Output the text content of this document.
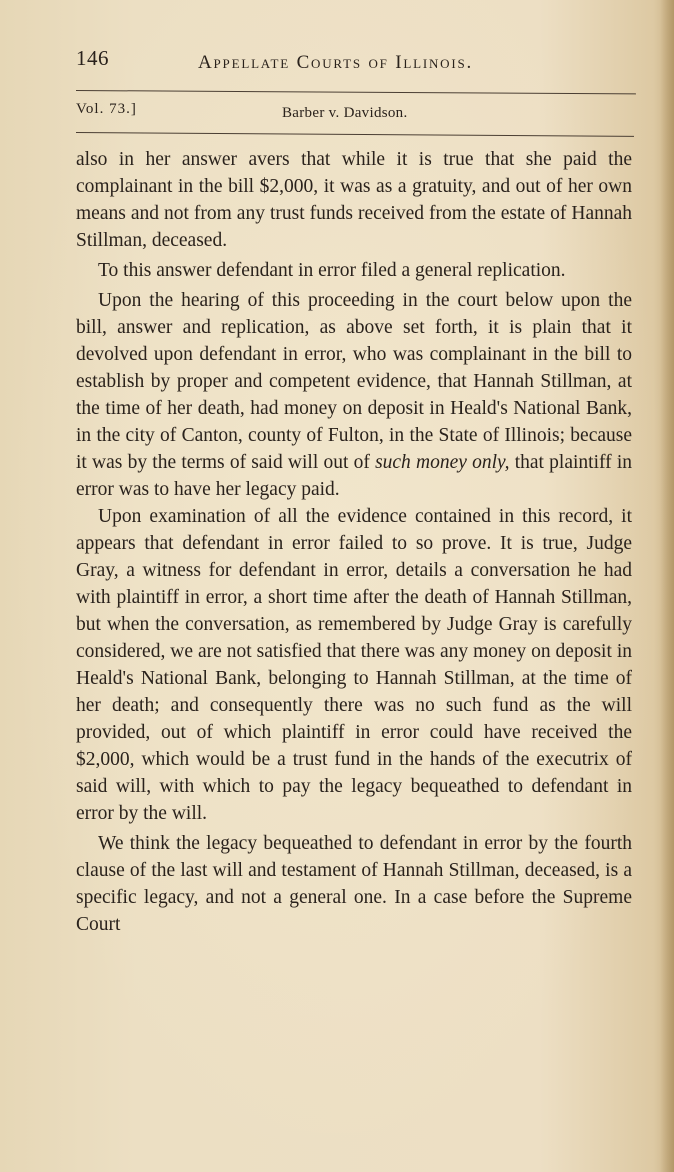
146	Appellate Courts of Illinois.
Vol. 73.]	Barber v. Davidson.

also in her answer avers that while it is true that she paid the complainant in the bill $2,000, it was as a gratuity, and out of her own means and not from any trust funds received from the estate of Hannah Stillman, deceased.

To this answer defendant in error filed a general replication.

Upon the hearing of this proceeding in the court below upon the bill, answer and replication, as above set forth, it is plain that it devolved upon defendant in error, who was complainant in the bill to establish by proper and competent evidence, that Hannah Stillman, at the time of her death, had money on deposit in Heald's National Bank, in the city of Canton, county of Fulton, in the State of Illinois; because it was by the terms of said will out of such money only, that plaintiff in error was to have her legacy paid.

Upon examination of all the evidence contained in this record, it appears that defendant in error failed to so prove. It is true, Judge Gray, a witness for defendant in error, details a conversation he had with plaintiff in error, a short time after the death of Hannah Stillman, but when the conversation, as remembered by Judge Gray is carefully considered, we are not satisfied that there was any money on deposit in Heald's National Bank, belonging to Hannah Stillman, at the time of her death; and consequently there was no such fund as the will provided, out of which plaintiff in error could have received the $2,000, which would be a trust fund in the hands of the executrix of said will, with which to pay the legacy bequeathed to defendant in error by the will.

We think the legacy bequeathed to defendant in error by the fourth clause of the last will and testament of Hannah Stillman, deceased, is a specific legacy, and not a general one. In a case before the Supreme Court
